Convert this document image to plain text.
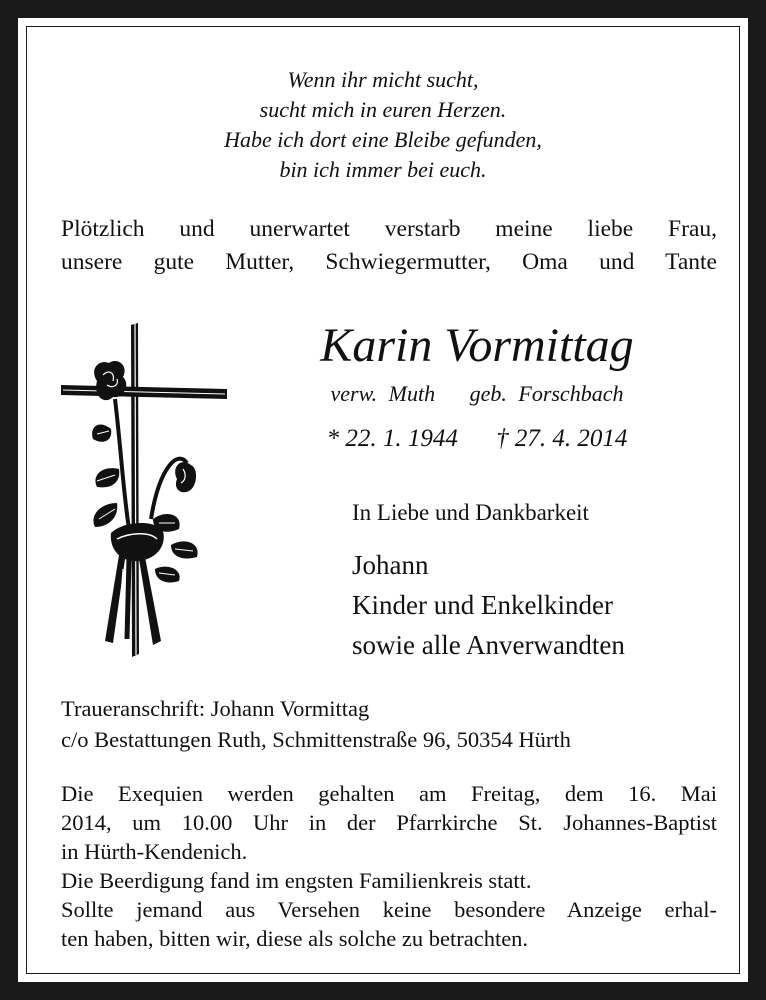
Wenn ihr micht sucht,
sucht mich in euren Herzen.
Habe ich dort eine Bleibe gefunden,
bin ich immer bei euch.
Plötzlich und unerwartet verstarb meine liebe Frau,
unsere gute Mutter, Schwiegermutter, Oma und Tante
Karin Vormittag
verw. Muth geb. Forschbach
* 22. 1. 1944 † 27. 4. 2014
In Liebe und Dankbarkeit
Johann
Kinder und Enkelkinder
sowie alle Anverwandten
Traueranschrift: Johann Vormittag
c/o Bestattungen Ruth, Schmittenstraße 96, 50354 Hürth
Die Exequien werden gehalten am Freitag, dem 16. Mai
2014, um 10.00 Uhr in der Pfarrkirche St. Johannes-Baptist
in Hürth-Kendenich.
Die Beerdigung fand im engsten Familienkreis statt.
Sollte jemand aus Versehen keine besondere Anzeige erhal-
ten haben, bitten wir, diese als solche zu betrachten.
